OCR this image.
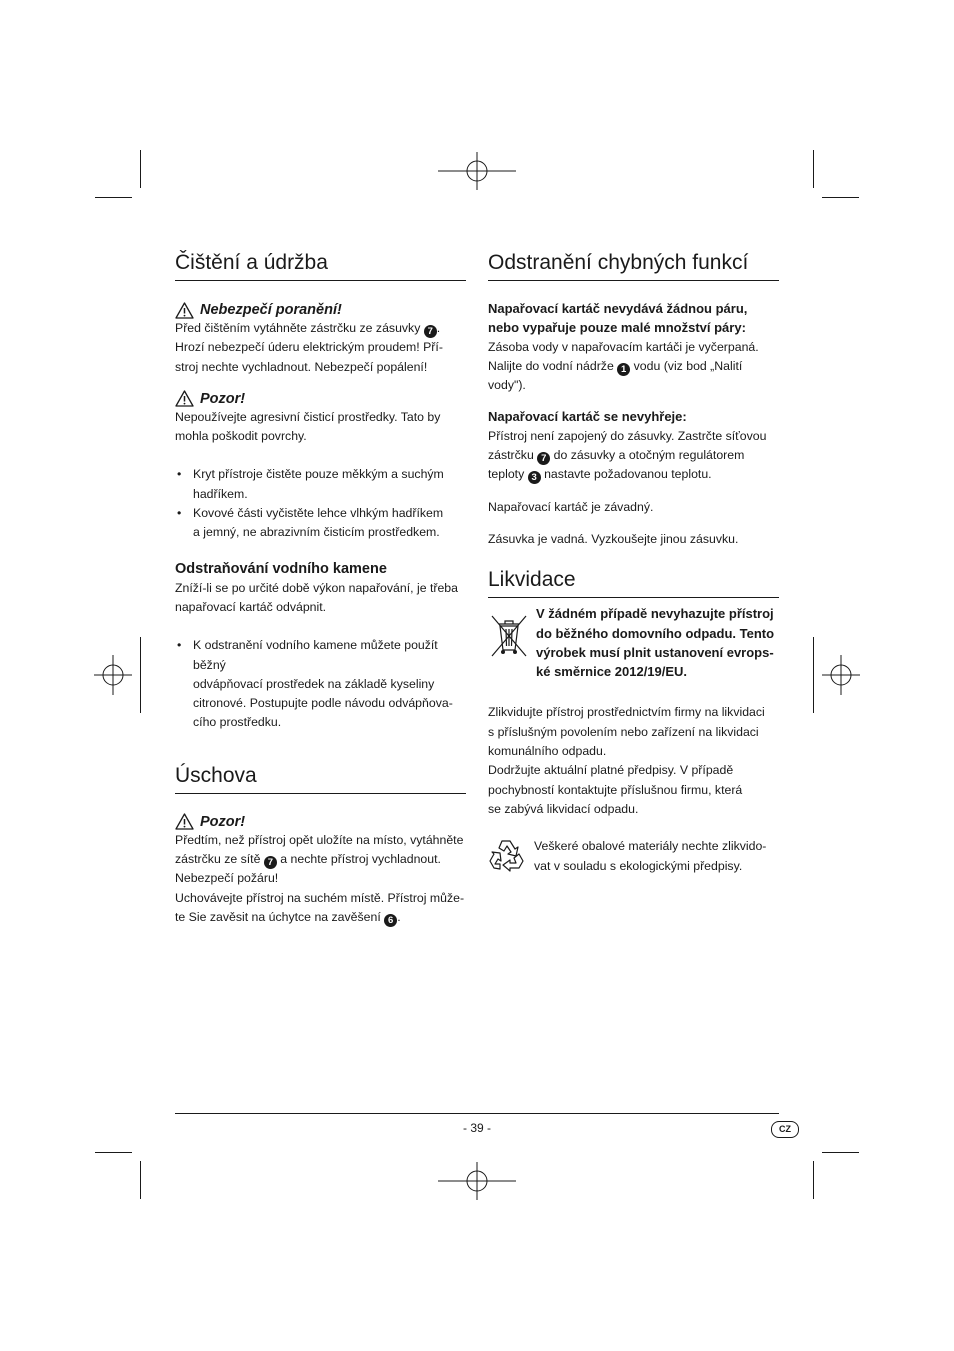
Čištění a údržba
Nebezpečí poranění!

Před čištěním vytáhněte zástrčku ze zásuvky 7 .
Hrozí nebezpečí úderu elektrickým proudem! Pří-
stroj nechte vychladnout. Nebezpečí popálení!

Pozor!

Nepoužívejte agresivní čisticí prostředky. Tato by
mohla poškodit povrchy.

• Kryt přístroje čistěte pouze měkkým a suchým
hadříkem.
• Kovové části vyčistěte lehce vlhkým hadříkem
a jemný, ne abrazivním čisticím prostředkem.
Odstraňování vodního kamene

Zníží-li se po určité době výkon napařování, je třeba
napařovací kartáč odvápnit.

• K odstranění vodního kamene můžete použít běžný
odvápňovací prostředek na základě kyseliny
citronové. Postupujte podle návodu odvápňova-
cího prostředku.
Úschova
Pozor!

Předtím, než přístroj opět uložíte na místo, vytáhněte
zástrčku ze sítě 7 a nechte přístroj vychladnout.
Nebezpečí požáru!
Uchovávejte přístroj na suchém místě. Přístroj může-
te Sie zavěsit na úchytce na zavěšení 6 .

Odstranění chybných funkcí
Napařovací kartáč nevydává žádnou páru,
nebo vypařuje pouze malé množství páry:

Zásoba vody v napařovacím kartáči je vyčerpaná.
Nalijte do vodní nádrže 1 vodu (viz bod „Nalití
vody").

Napařovací kartáč se nevyhřeje:

Přístroj není zapojený do zásuvky. Zastrčte síťovou
zástrčku 7 do zásuvky a otočným regulátorem
teploty 3 nastavte požadovanou teplotu.

Napařovací kartáč je závadný.

Zásuvka je vadná. Vyzkoušejte jinou zásuvku.

Likvidace
V žádném případě nevyhazujte přístroj
do běžného domovního odpadu. Tento
výrobek musí plnit ustanovení evrops-
ké směrnice 2012/19/EU.

Zlikvidujte přístroj prostřednictvím firmy na likvidaci
s příslušným povolením nebo zařízení na likvidaci
komunálního odpadu.
Dodržujte aktuální platné předpisy. V případě
pochybností kontaktujte příslušnou firmu, která
se zabývá likvidací odpadu.

Veškeré obalové materiály nechte zlikvido-
vat v souladu s ekologickými předpisy.

- 39 -	CZ
